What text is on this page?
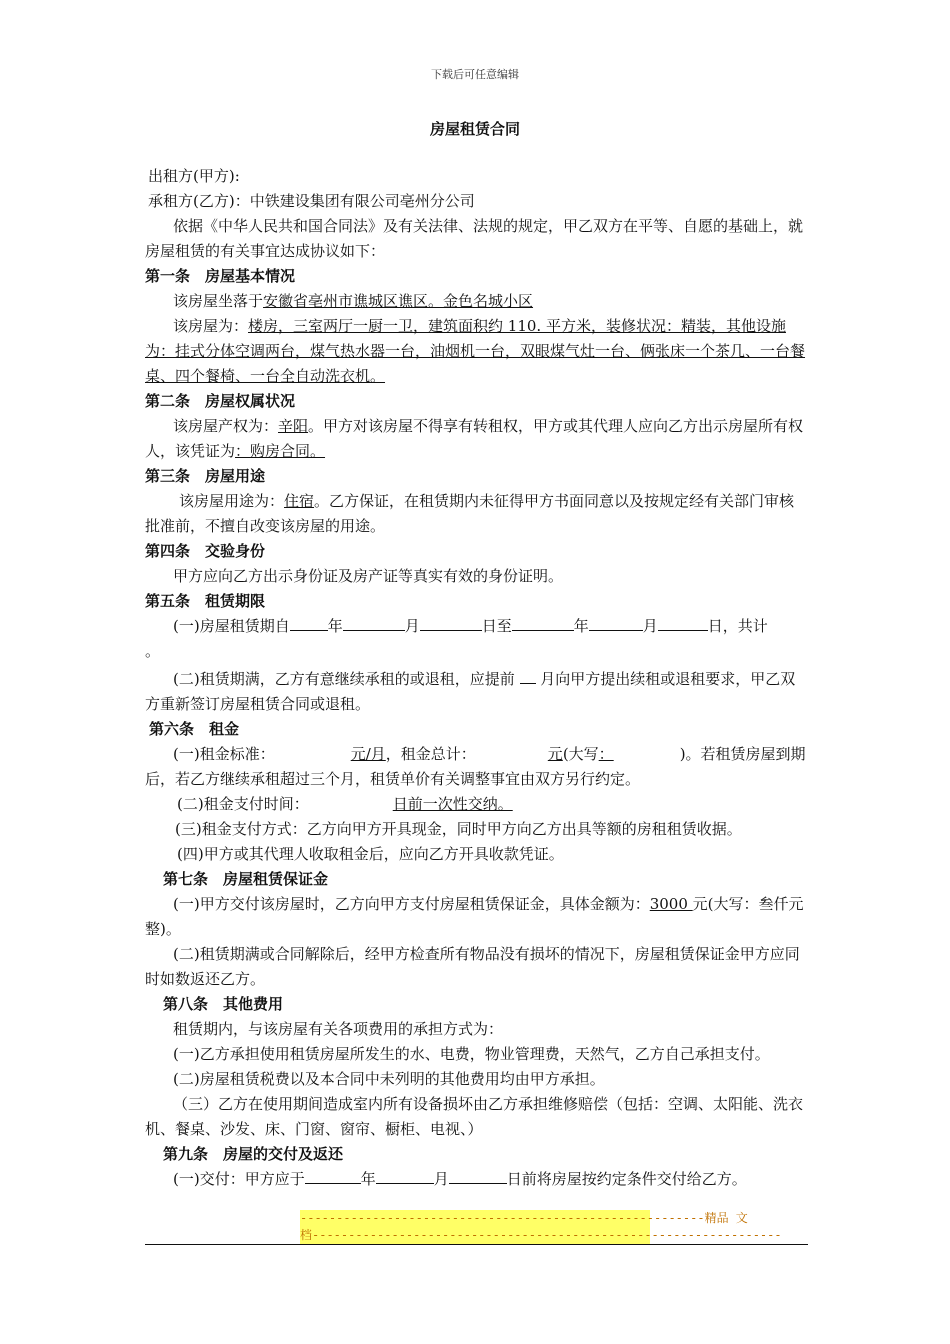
下载后可任意编辑
房屋租赁合同

出租方(甲方):

承租方(乙方)：中铁建设集团有限公司亳州分公司

依据《中华人民共和国合同法》及有关法律、法规的规定，甲乙双方在平等、自愿的基础上，就房屋租赁的有关事宜达成协议如下：

第一条　房屋基本情况

该房屋坐落于安徽省亳州市谯城区谯区。金色名城小区

该房屋为：楼房，三室两厅一厨一卫，建筑面积约 110. 平方米，装修状况：精装，其他设施为：挂式分体空调两台，煤气热水器一台，油烟机一台，双眼煤气灶一台、俩张床一个茶几、一台餐桌、四个餐椅、一台全自动洗衣机。

第二条　房屋权属状况

该房屋产权为：辛阳。甲方对该房屋不得享有转租权，甲方或其代理人应向乙方出示房屋所有权人，该凭证为：购房合同。

第三条　房屋用途

该房屋用途为：住宿。乙方保证，在租赁期内未征得甲方书面同意以及按规定经有关部门审核批准前，不擅自改变该房屋的用途。

第四条　交验身份

甲方应向乙方出示身份证及房产证等真实有效的身份证明。

第五条　租赁期限

(一)房屋租赁期自	年	月	日至	年	月	日，共计
。

(二)租赁期满，乙方有意继续承租的或退租，应提前 月向甲方提出续租或退租要求，甲乙双方重新签订房屋租赁合同或退租。

第六条　租金

(一)租金标准：	元/月，租金总计：	元(大写：	)。若租赁房屋到期后，若乙方继续承租超过三个月，租赁单价有关调整事宜由双方另行约定。

(二)租金支付时间：	日前一次性交纳。

(三)租金支付方式：乙方向甲方开具现金，同时甲方向乙方出具等额的房租租赁收据。

(四)甲方或其代理人收取租金后，应向乙方开具收款凭证。

第七条　房屋租赁保证金

(一)甲方交付该房屋时，乙方向甲方支付房屋租赁保证金，具体金额为：3000 元(大写：叁仟元整)。

(二)租赁期满或合同解除后，经甲方检查所有物品没有损坏的情况下，房屋租赁保证金甲方应同时如数返还乙方。

第八条　其他费用

租赁期内，与该房屋有关各项费用的承担方式为：

(一)乙方承担使用租赁房屋所发生的水、电费，物业管理费，天然气，乙方自己承担支付。

(二)房屋租赁税费以及本合同中未列明的其他费用均由甲方承担。

（三）乙方在使用期间造成室内所有设备损坏由乙方承担维修赔偿（包括：空调、太阳能、洗衣机、餐桌、沙发、床、门窗、窗帘、橱柜、电视、）

第九条　房屋的交付及返还

(一)交付：甲方应于	年	月	日前将房屋按约定条件交付给乙方。

--------------------------------------------------------精品 文
档-----------------------------------------------------------------
